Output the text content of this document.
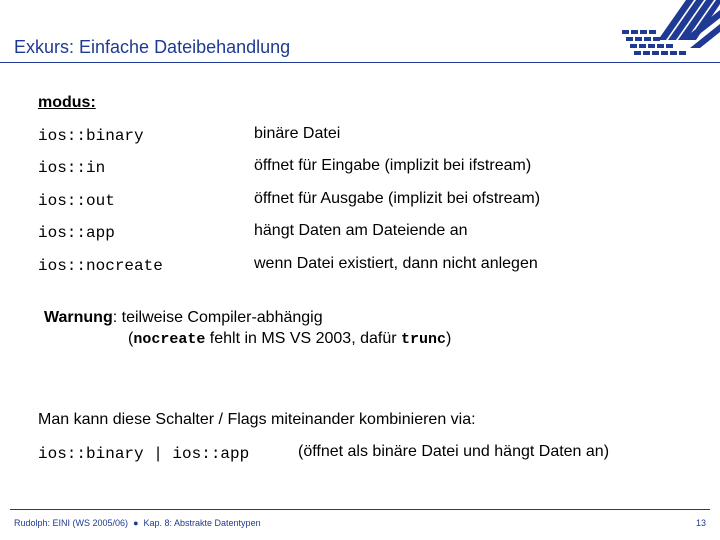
Exkurs: Einfache Dateibehandlung
modus:
ios::binary	binäre Datei
ios::in	öffnet für Eingabe (implizit bei ifstream)
ios::out	öffnet für Ausgabe (implizit bei ofstream)
ios::app	hängt Daten am Dateiende an
ios::nocreate	wenn Datei existiert, dann nicht anlegen
Warnung: teilweise Compiler-abhängig
(nocreate fehlt in MS VS 2003, dafür trunc)
Man kann diese Schalter / Flags miteinander kombinieren via:
ios::binary | ios::app	(öffnet als binäre Datei und hängt Daten an)
Rudolph: EINI (WS 2005/06) ● Kap. 8: Abstrakte Datentypen	13
